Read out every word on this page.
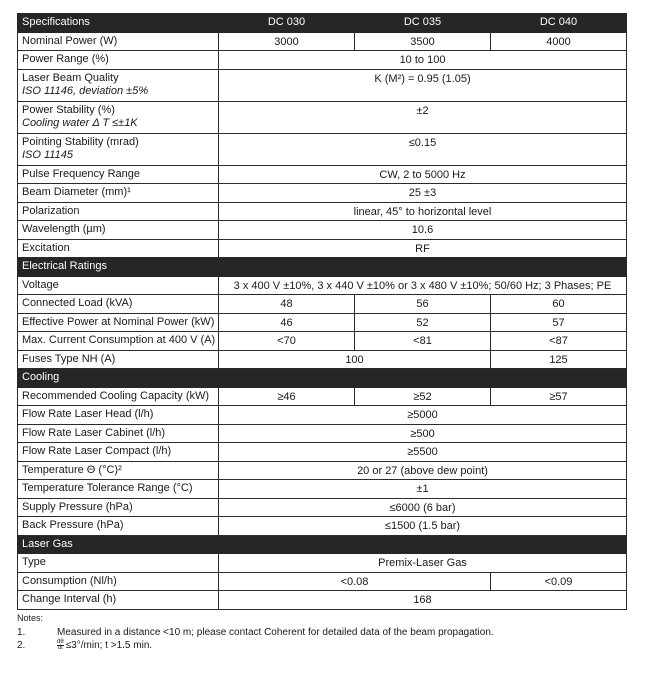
Specifications	DC 030	DC 035	DC 040
Nominal Power (W)	3000	3500	4000
Power Range (%)	10 to 100		
Laser Beam Quality
ISO 11146, deviation ±5%	K (M²) = 0.95 (1.05)		
Power Stability (%)
Cooling water Δ T ≤±1K	±2		
Pointing Stability (mrad)
ISO 11145	≤0.15		
Pulse Frequency Range	CW, 2 to 5000 Hz		
Beam Diameter (mm)¹	25 ±3		
Polarization	linear, 45° to horizontal level		
Wavelength (µm)	10.6		
Excitation	RF		
Electrical Ratings			
Voltage	3 x 400 V ±10%, 3 x 440 V ±10% or 3 x 480 V ±10%; 50/60 Hz; 3 Phases; PE		
Connected Load (kVA)	48	56	60
Effective Power at Nominal Power (kW)	46	52	57
Max. Current Consumption at 400 V (A)	<70	<81	<87
Fuses Type NH (A)	100		125
Cooling			
Recommended Cooling Capacity (kW)	≥46	≥52	≥57
Flow Rate Laser Head (l/h)	≥5000		
Flow Rate Laser Cabinet (l/h)	≥500		
Flow Rate Laser Compact (l/h)	≥5500		
Temperature Θ (°C)²	20 or 27 (above dew point)		
Temperature Tolerance Range (°C)	±1		
Supply Pressure (hPa)	≤6000 (6 bar)		
Back Pressure (hPa)	≤1500 (1.5 bar)		
Laser Gas			
Type	Premix-Laser Gas		
Consumption (Nl/h)	<0.08		<0.09
Change Interval (h)	168		
Notes:
1.	Measured in a distance <10 m; please contact Coherent for detailed data of the beam propagation.
2.	$\frac{d\theta}{dt} \le 3^\circ/\min$; t >1.5 min.
